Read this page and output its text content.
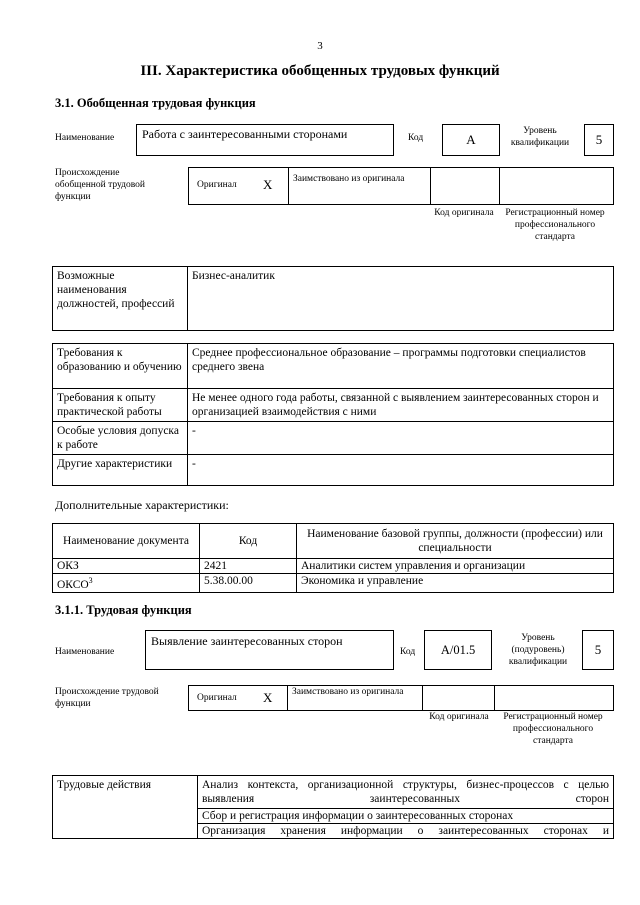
3
III. Характеристика обобщенных трудовых функций
3.1. Обобщенная трудовая функция
Наименование	Работа с заинтересованными сторонами	Код	A
Уровень квалификации	5
Происхождение обобщенной трудовой функции
Оригинал X Заимствовано из оригинала
Код оригинала	Регистрационный номер профессионального стандарта
Возможные наименования должностей, профессий	Бизнес-аналитик
Требования к образованию и обучению	Среднее профессиональное образование – программы подготовки специалистов среднего звена
Требования к опыту практической работы	Не менее одного года работы, связанной с выявлением заинтересованных сторон и организацией взаимодействия с ними
Особые условия допуска к работе	-
Другие характеристики	-
Дополнительные характеристики:
Наименование документа	Код	Наименование базовой группы, должности (профессии) или специальности
ОКЗ	2421	Аналитики систем управления и организации
ОКСО$^3$	5.38.00.00	Экономика и управление
3.1.1. Трудовая функция
Наименование
Выявление заинтересованных сторон
Код	A/01.5
Уровень (подуровень) квалификации
5
Происхождение трудовой функции
Оригинал X Заимствовано из оригинала
Код оригинала	Регистрационный номер профессионального стандарта
Трудовые действия	Анализ контекста, организационной структуры, бизнес-процессов с целью выявления заинтересованных сторон

Сбор и регистрация информации о заинтересованных сторонах

Организация хранения информации о заинтересованных сторонах и
